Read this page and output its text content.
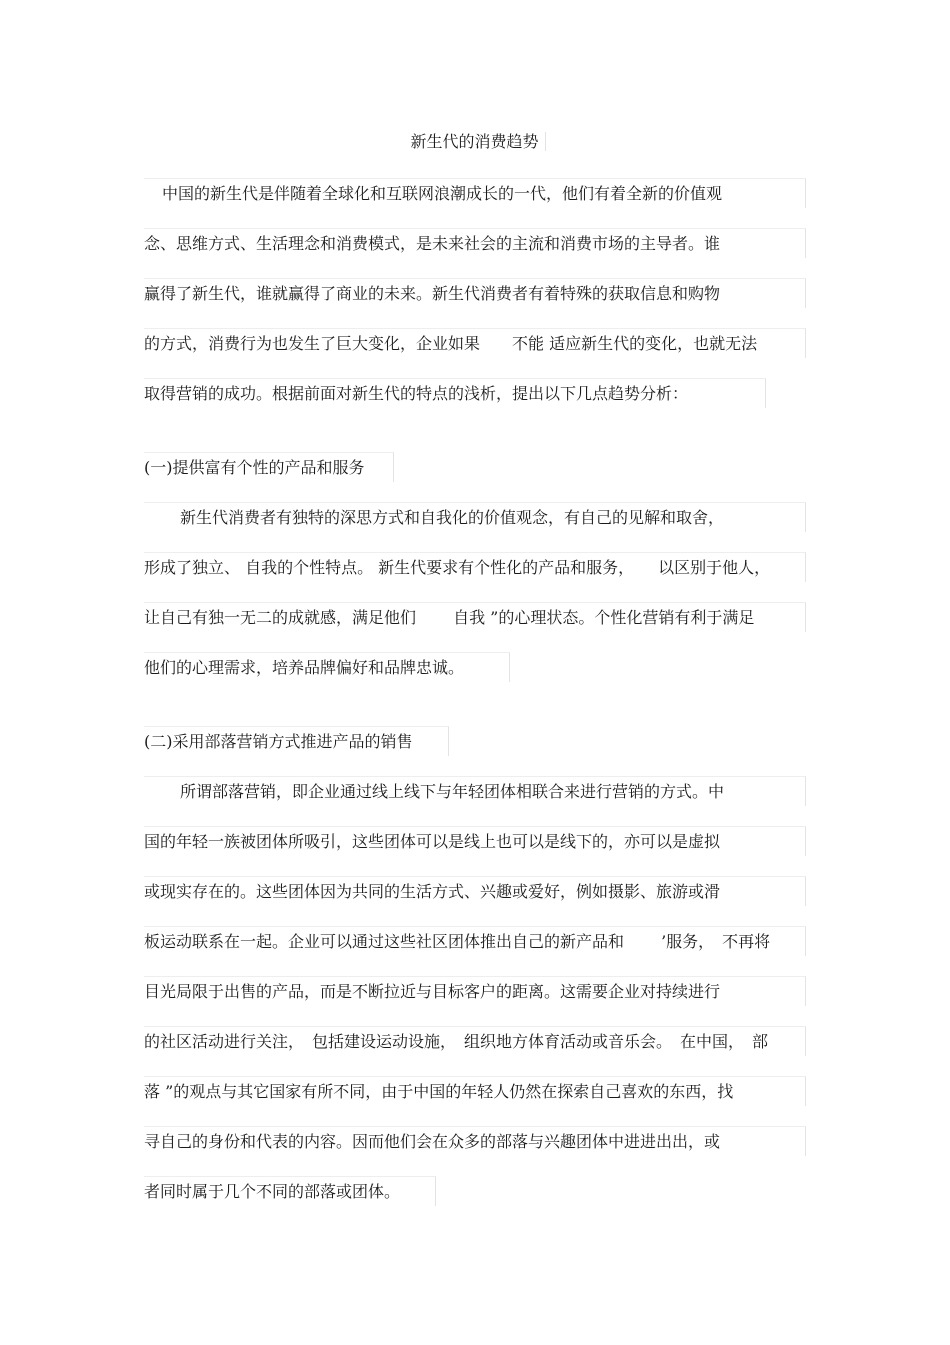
新生代的消费趋势
中国的新生代是伴随着全球化和互联网浪潮成长的一代，他们有着全新的价值观
念、思维方式、生活理念和消费模式，是未来社会的主流和消费市场的主导者。谁
赢得了新生代，谁就赢得了商业的未来。新生代消费者有着特殊的获取信息和购物
的方式，消费行为也发生了巨大变化，企业如果　　不能 适应新生代的变化，也就无法
取得营销的成功。根据前面对新生代的特点的浅析，提出以下几点趋势分析：
(一)提供富有个性的产品和服务
新生代消费者有独特的深思方式和自我化的价值观念，有自己的见解和取舍，
形成了独立、 自我的个性特点。 新生代要求有个性化的产品和服务，　　以区别于他人，
让自己有独一无二的成就感，满足他们　　 自我 ”的心理状态。个性化营销有利于满足
他们的心理需求，培养品牌偏好和品牌忠诚。
(二)采用部落营销方式推进产品的销售
所谓部落营销，即企业通过线上线下与年轻团体相联合来进行营销的方式。中
国的年轻一族被团体所吸引，这些团体可以是线上也可以是线下的，亦可以是虚拟
或现实存在的。这些团体因为共同的生活方式、兴趣或爱好，例如摄影、旅游或滑
板运动联系在一起。企业可以通过这些社区团体推出自己的新产品和　　 ’服务，　不再将
目光局限于出售的产品，而是不断拉近与目标客户的距离。这需要企业对持续进行
的社区活动进行关注，　包括建设运动设施，　组织地方体育活动或音乐会。　在中国，　部
落 ”的观点与其它国家有所不同，由于中国的年轻人仍然在探索自己喜欢的东西，找
寻自己的身份和代表的内容。因而他们会在众多的部落与兴趣团体中进进出出，或
者同时属于几个不同的部落或团体。
